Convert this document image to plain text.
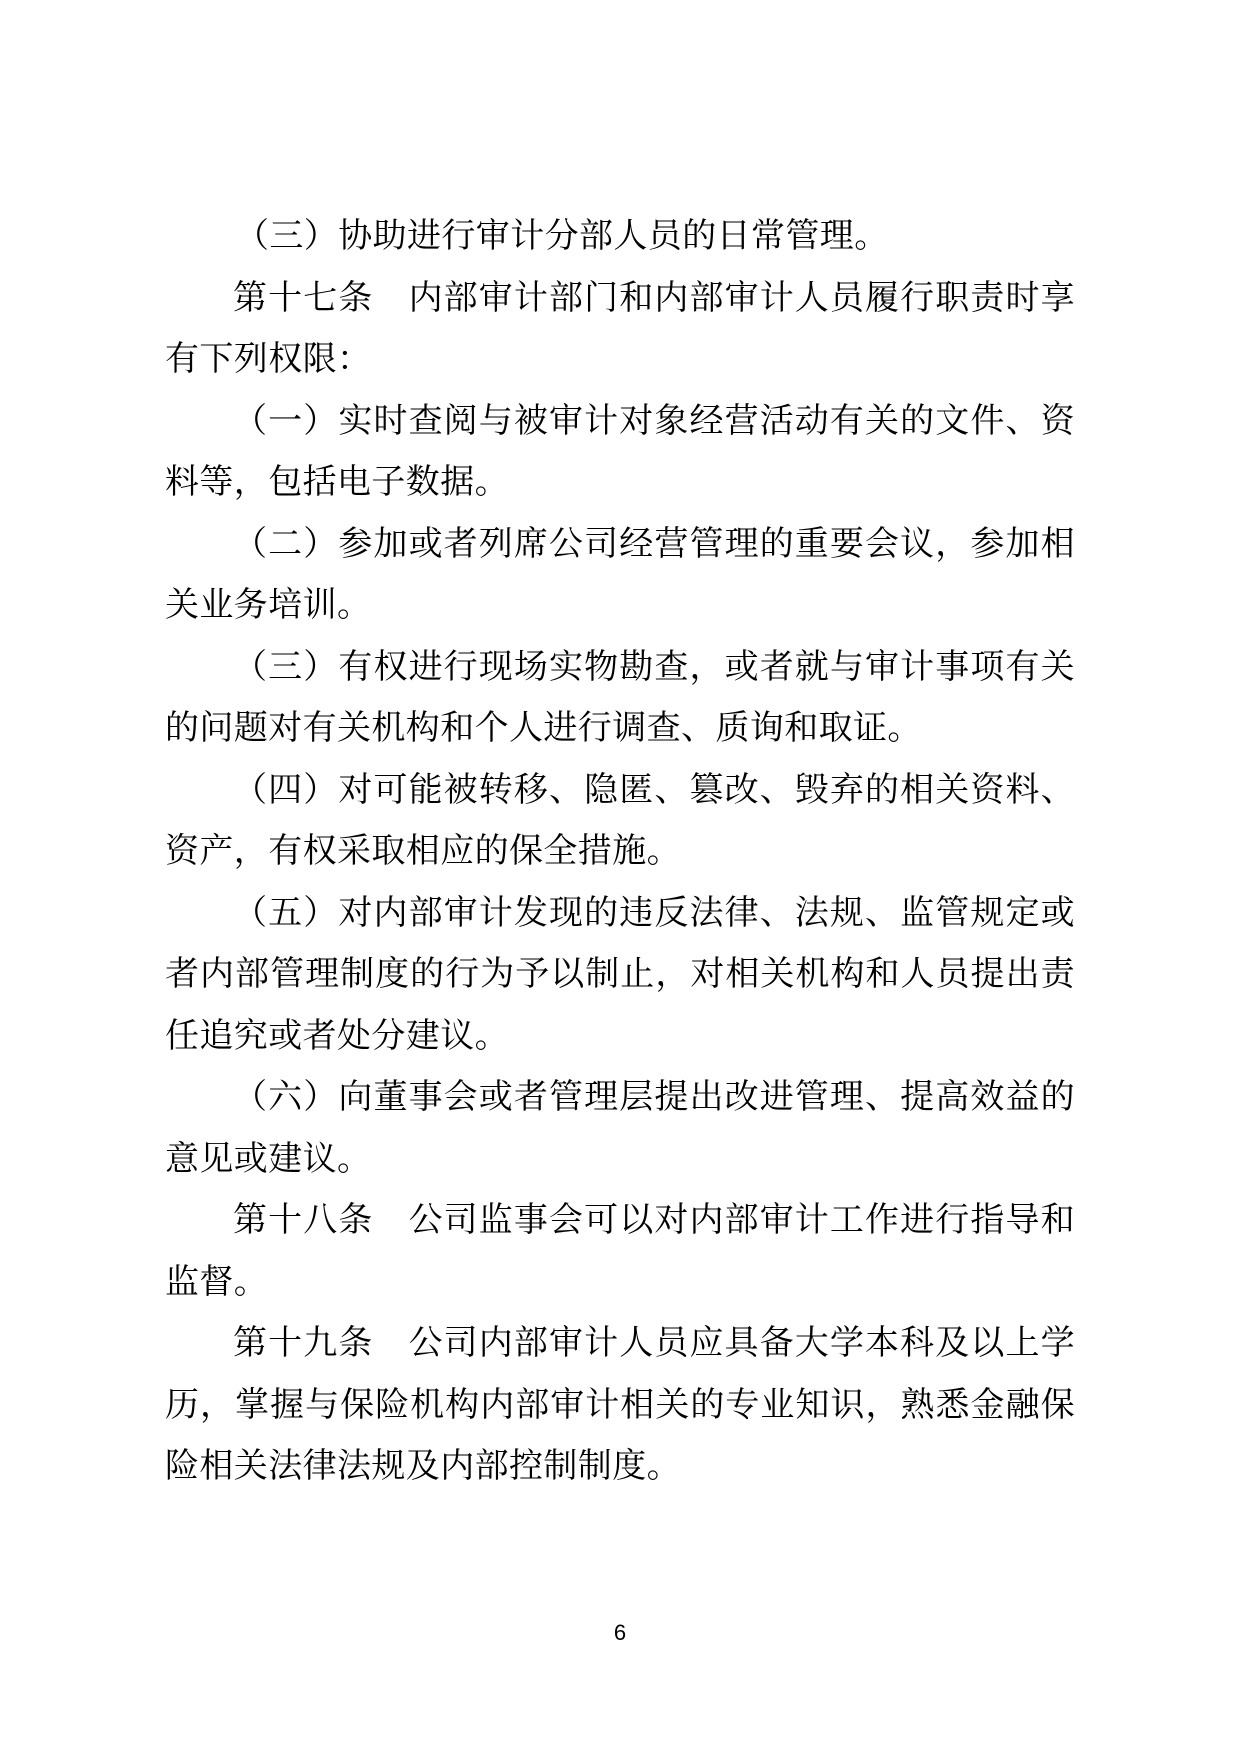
（三）协助进行审计分部人员的日常管理。

第十七条　内部审计部门和内部审计人员履行职责时享有下列权限：

（一）实时查阅与被审计对象经营活动有关的文件、资料等，包括电子数据。

（二）参加或者列席公司经营管理的重要会议，参加相关业务培训。

（三）有权进行现场实物勘查，或者就与审计事项有关的问题对有关机构和个人进行调查、质询和取证。

（四）对可能被转移、隐匿、篡改、毁弃的相关资料、资产，有权采取相应的保全措施。

（五）对内部审计发现的违反法律、法规、监管规定或者内部管理制度的行为予以制止，对相关机构和人员提出责任追究或者处分建议。

（六）向董事会或者管理层提出改进管理、提高效益的意见或建议。

第十八条　公司监事会可以对内部审计工作进行指导和监督。

第十九条　公司内部审计人员应具备大学本科及以上学历，掌握与保险机构内部审计相关的专业知识，熟悉金融保险相关法律法规及内部控制制度。

6
